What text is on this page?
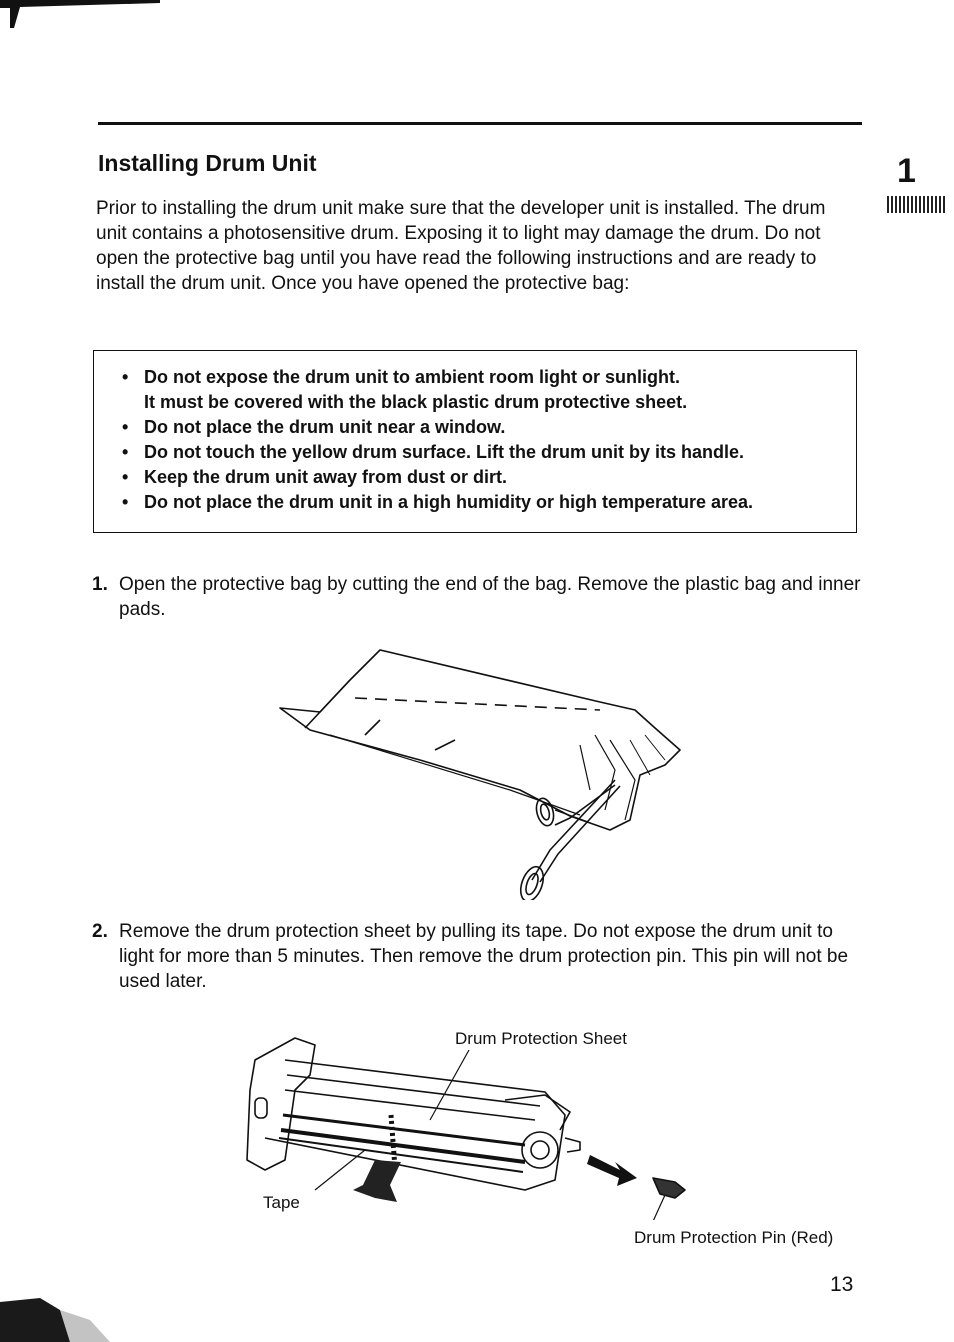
Installing Drum Unit	1

Prior to installing the drum unit make sure that the developer unit is installed. The drum unit contains a photosensitive drum. Exposing it to light may damage the drum. Do not open the protective bag until you have read the following instructions and are ready to install the drum unit. Once you have opened the protective bag:

• Do not expose the drum unit to ambient room light or sunlight.
It must be covered with the black plastic drum protective sheet.
• Do not place the drum unit near a window.
• Do not touch the yellow drum surface. Lift the drum unit by its handle.
• Keep the drum unit away from dust or dirt.
• Do not place the drum unit in a high humidity or high temperature area.
1. Open the protective bag by cutting the end of the bag. Remove the plastic bag and inner pads.
2. Remove the drum protection sheet by pulling its tape. Do not expose the drum unit to light for more than 5 minutes. Then remove the drum protection pin. This pin will not be used later.
Drum Protection Sheet
Tape
Drum Protection Pin (Red)
13
